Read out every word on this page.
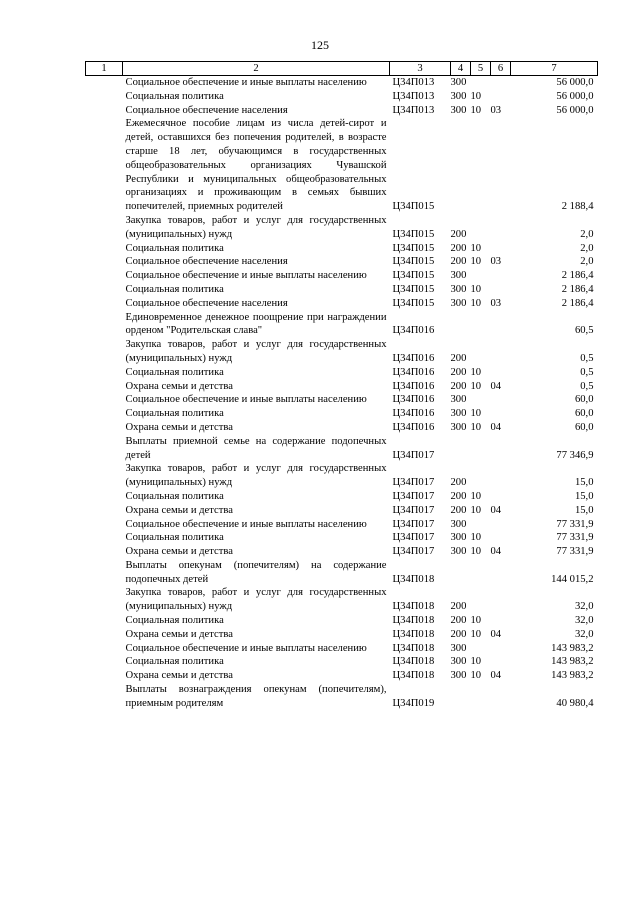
125
1	2	3	4	5	6	7
	Социальное обеспечение и иные выплаты населению	Ц34П013	300			56 000,0
	Социальная политика	Ц34П013	300	10		56 000,0
	Социальное обеспечение населения	Ц34П013	300	10	03	56 000,0
	Ежемесячное пособие лицам из числа детей-сирот и детей, оставшихся без попечения родителей, в возрасте старше 18 лет, обучающимся в государственных общеобразовательных организациях Чувашской Республики и муниципальных общеобразовательных организациях и проживающим в семьях бывших попечителей, приемных родителей	Ц34П015				2 188,4
	Закупка товаров, работ и услуг для государственных (муниципальных) нужд	Ц34П015	200			2,0
	Социальная политика	Ц34П015	200	10		2,0
	Социальное обеспечение населения	Ц34П015	200	10	03	2,0
	Социальное обеспечение и иные выплаты населению	Ц34П015	300			2 186,4
	Социальная политика	Ц34П015	300	10		2 186,4
	Социальное обеспечение населения	Ц34П015	300	10	03	2 186,4
	Единовременное денежное поощрение при награждении орденом "Родительская слава"	Ц34П016				60,5
	Закупка товаров, работ и услуг для государственных (муниципальных) нужд	Ц34П016	200			0,5
	Социальная политика	Ц34П016	200	10		0,5
	Охрана семьи и детства	Ц34П016	200	10	04	0,5
	Социальное обеспечение и иные выплаты населению	Ц34П016	300			60,0
	Социальная политика	Ц34П016	300	10		60,0
	Охрана семьи и детства	Ц34П016	300	10	04	60,0
	Выплаты приемной семье на содержание подопечных детей	Ц34П017				77 346,9
	Закупка товаров, работ и услуг для государственных (муниципальных) нужд	Ц34П017	200			15,0
	Социальная политика	Ц34П017	200	10		15,0
	Охрана семьи и детства	Ц34П017	200	10	04	15,0
	Социальное обеспечение и иные выплаты населению	Ц34П017	300			77 331,9
	Социальная политика	Ц34П017	300	10		77 331,9
	Охрана семьи и детства	Ц34П017	300	10	04	77 331,9
	Выплаты опекунам (попечителям) на содержание подопечных детей	Ц34П018				144 015,2
	Закупка товаров, работ и услуг для государственных (муниципальных) нужд	Ц34П018	200			32,0
	Социальная политика	Ц34П018	200	10		32,0
	Охрана семьи и детства	Ц34П018	200	10	04	32,0
	Социальное обеспечение и иные выплаты населению	Ц34П018	300			143 983,2
	Социальная политика	Ц34П018	300	10		143 983,2
	Охрана семьи и детства	Ц34П018	300	10	04	143 983,2
	Выплаты вознаграждения опекунам (попечителям), приемным родителям	Ц34П019				40 980,4
